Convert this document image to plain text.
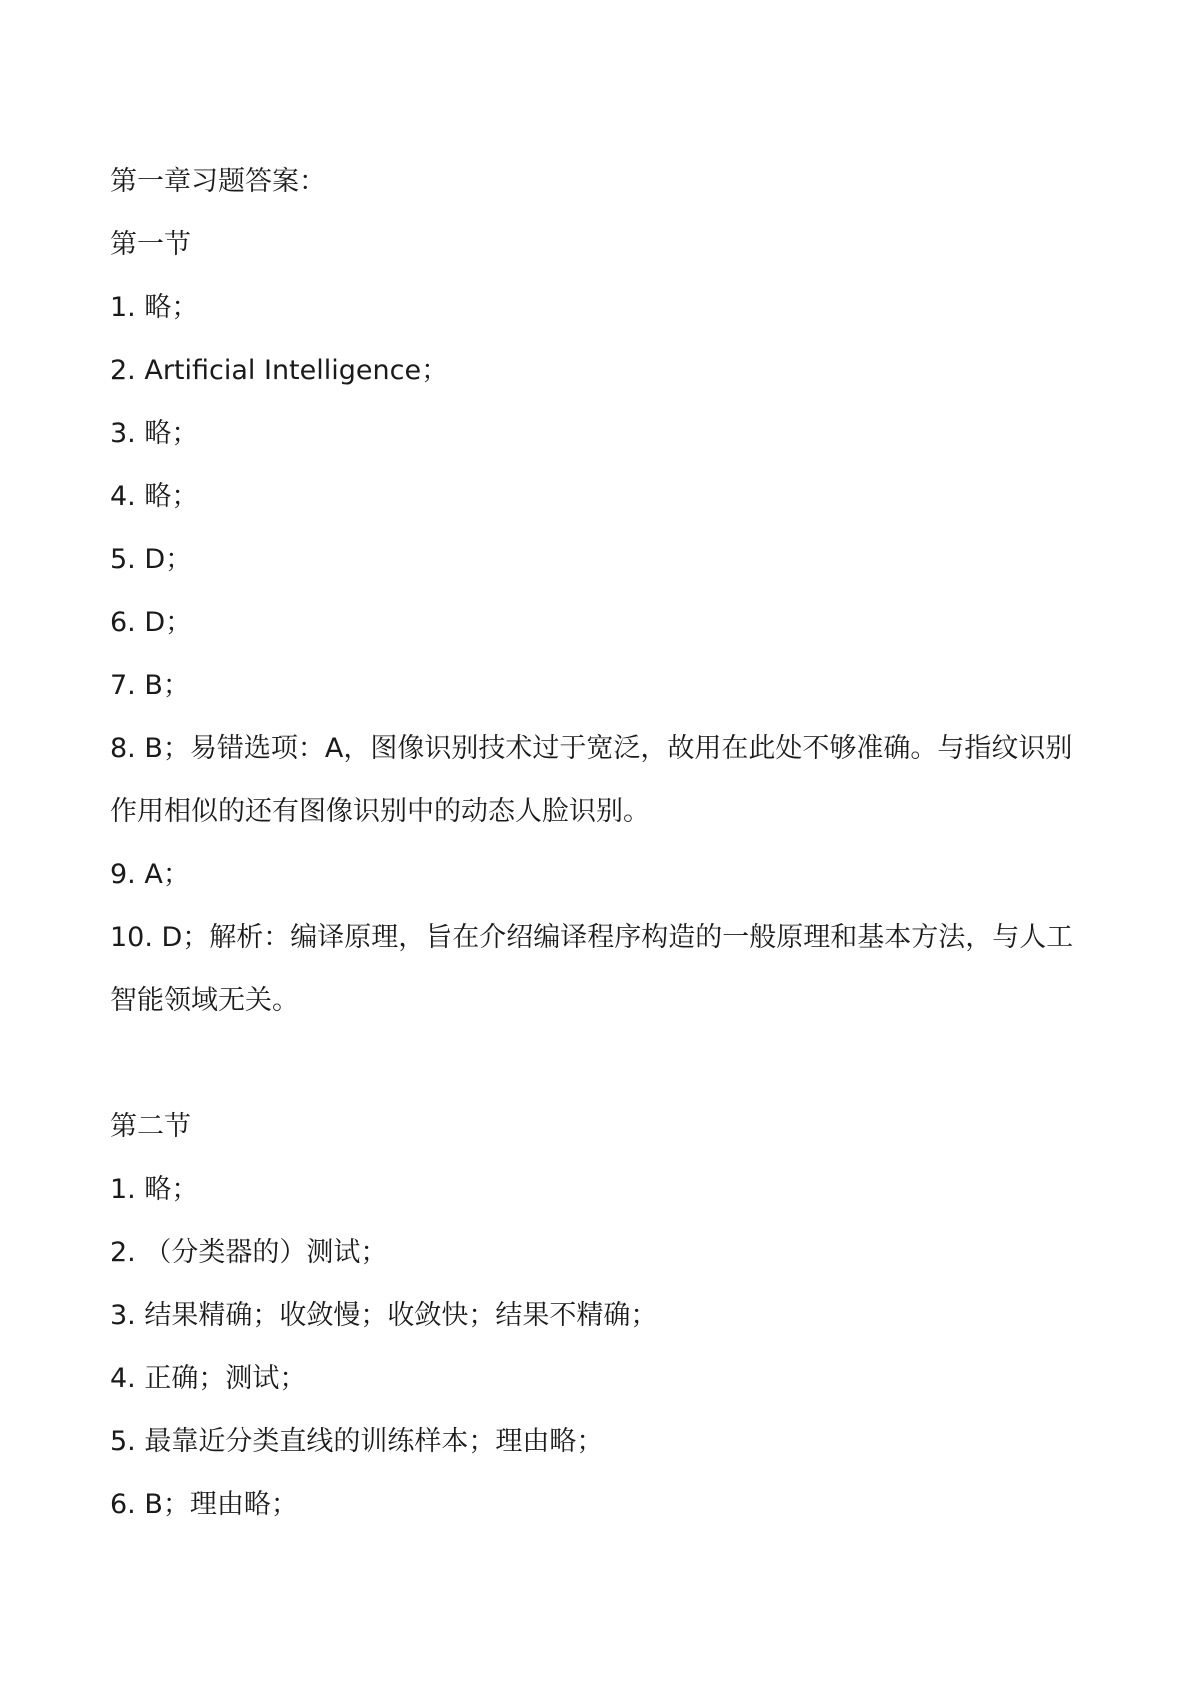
第一章习题答案：
第一节
1. 略；
2. Artificial Intelligence；
3. 略；
4. 略；
5. D；
6. D；
7. B；
8. B；易错选项：A，图像识别技术过于宽泛，故用在此处不够准确。与指纹识别作用相似的还有图像识别中的动态人脸识别。
9. A；
10. D；解析：编译原理，旨在介绍编译程序构造的一般原理和基本方法，与人工智能领域无关。
第二节
1. 略；
2. （分类器的）测试；
3. 结果精确；收敛慢；收敛快；结果不精确；
4. 正确；测试；
5. 最靠近分类直线的训练样本；理由略；
6. B；理由略；
